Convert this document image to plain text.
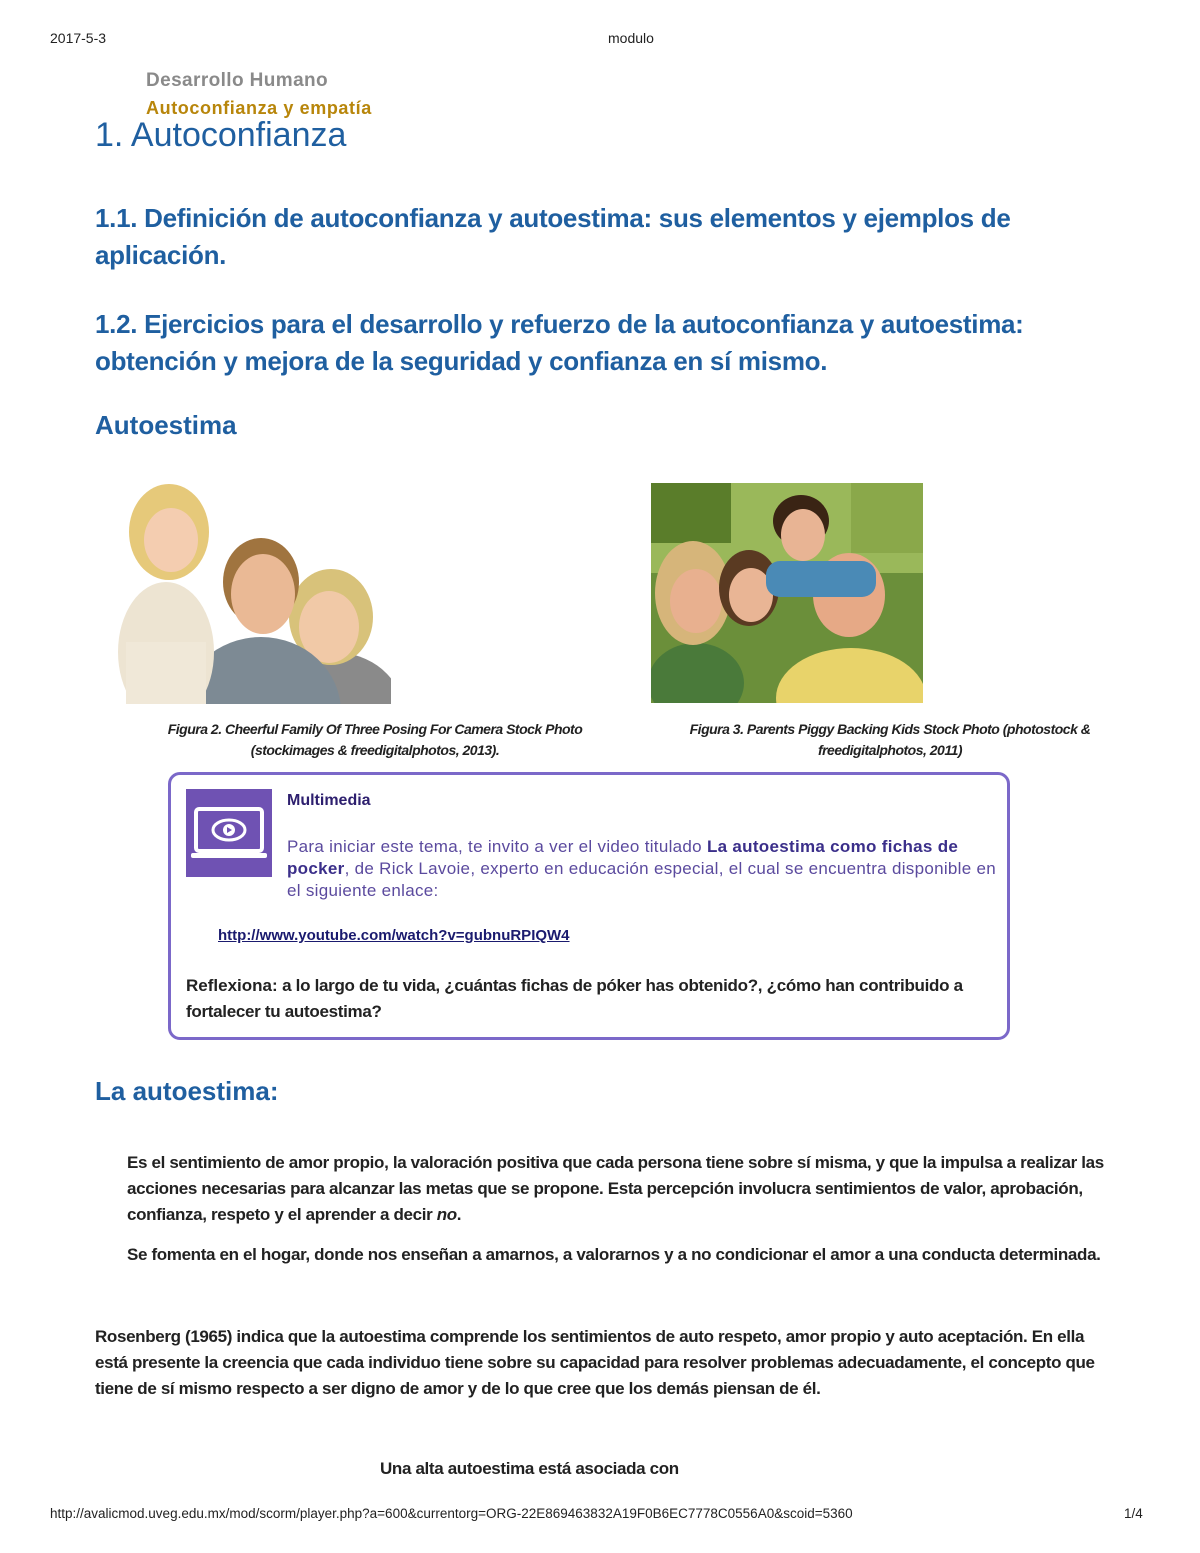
2017-5-3	modulo
Desarrollo Humano
Autoconfianza y empatía
1. Autoconfianza
1.1. Definición de autoconfianza y autoestima: sus elementos y ejemplos de aplicación.
1.2. Ejercicios para el desarrollo y refuerzo de la autoconfianza y autoestima: obtención y mejora de la seguridad y confianza en sí mismo.
Autoestima
Figura 2. Cheerful Family Of Three Posing For Camera Stock Photo
(stockimages & freedigitalphotos, 2013).
Figura 3. Parents Piggy Backing Kids Stock Photo (photostock &
freedigitalphotos, 2011)
Multimedia
Para iniciar este tema, te invito a ver el video titulado La autoestima como fichas de pocker, de Rick Lavoie, experto en educación especial, el cual se encuentra disponible en el siguiente enlace:
http://www.youtube.com/watch?v=gubnuRPIQW4
Reflexiona: a lo largo de tu vida, ¿cuántas fichas de póker has obtenido?, ¿cómo han contribuido a fortalecer tu autoestima?
La autoestima:
Es el sentimiento de amor propio, la valoración positiva que cada persona tiene sobre sí misma, y que la impulsa a realizar las acciones necesarias para alcanzar las metas que se propone. Esta percepción involucra sentimientos de valor, aprobación, confianza, respeto y el aprender a decir no.
Se fomenta en el hogar, donde nos enseñan a amarnos, a valorarnos y a no condicionar el amor a una conducta determinada.
Rosenberg (1965) indica que la autoestima comprende los sentimientos de auto respeto, amor propio y auto aceptación. En ella está presente la creencia que cada individuo tiene sobre su capacidad para resolver problemas adecuadamente, el concepto que tiene de sí mismo respecto a ser digno de amor y de lo que cree que los demás piensan de él.
Una alta autoestima está asociada con
http://avalicmod.uveg.edu.mx/mod/scorm/player.php?a=600&currentorg=ORG-22E869463832A19F0B6EC7778C0556A0&scoid=5360	1/4
